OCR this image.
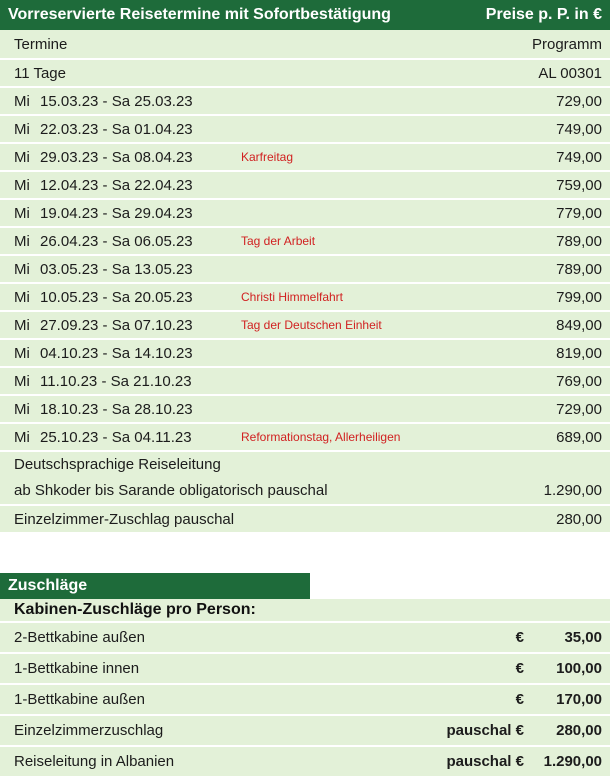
Vorreservierte Reisetermine mit Sofortbestätigung	Preise p. P. in €
Termine	Programm
11 Tage	AL 00301
Mi 15.03.23 - Sa 25.03.23	729,00
Mi 22.03.23 - Sa 01.04.23	749,00
Mi 29.03.23 - Sa 08.04.23	Karfreitag	749,00
Mi 12.04.23 - Sa 22.04.23	759,00
Mi 19.04.23 - Sa 29.04.23	779,00
Mi 26.04.23 - Sa 06.05.23	Tag der Arbeit	789,00
Mi 03.05.23 - Sa 13.05.23	789,00
Mi 10.05.23 - Sa 20.05.23	Christi Himmelfahrt	799,00
Mi 27.09.23 - Sa 07.10.23	Tag der Deutschen Einheit	849,00
Mi 04.10.23 - Sa 14.10.23	819,00
Mi 11.10.23 - Sa 21.10.23	769,00
Mi 18.10.23 - Sa 28.10.23	729,00
Mi 25.10.23 - Sa 04.11.23	Reformationstag, Allerheiligen	689,00
Deutschsprachige Reiseleitung
ab Shkoder bis Sarande obligatorisch pauschal	1.290,00
Einzelzimmer-Zuschlag pauschal	280,00
Zuschläge
Kabinen-Zuschläge pro Person:
2-Bettkabine außen	€	35,00
1-Bettkabine innen	€ 100,00
1-Bettkabine außen	€ 170,00
Einzelzimmerzuschlag	pauschal € 280,00
Reiseleitung in Albanien	pauschal € 1.290,00
